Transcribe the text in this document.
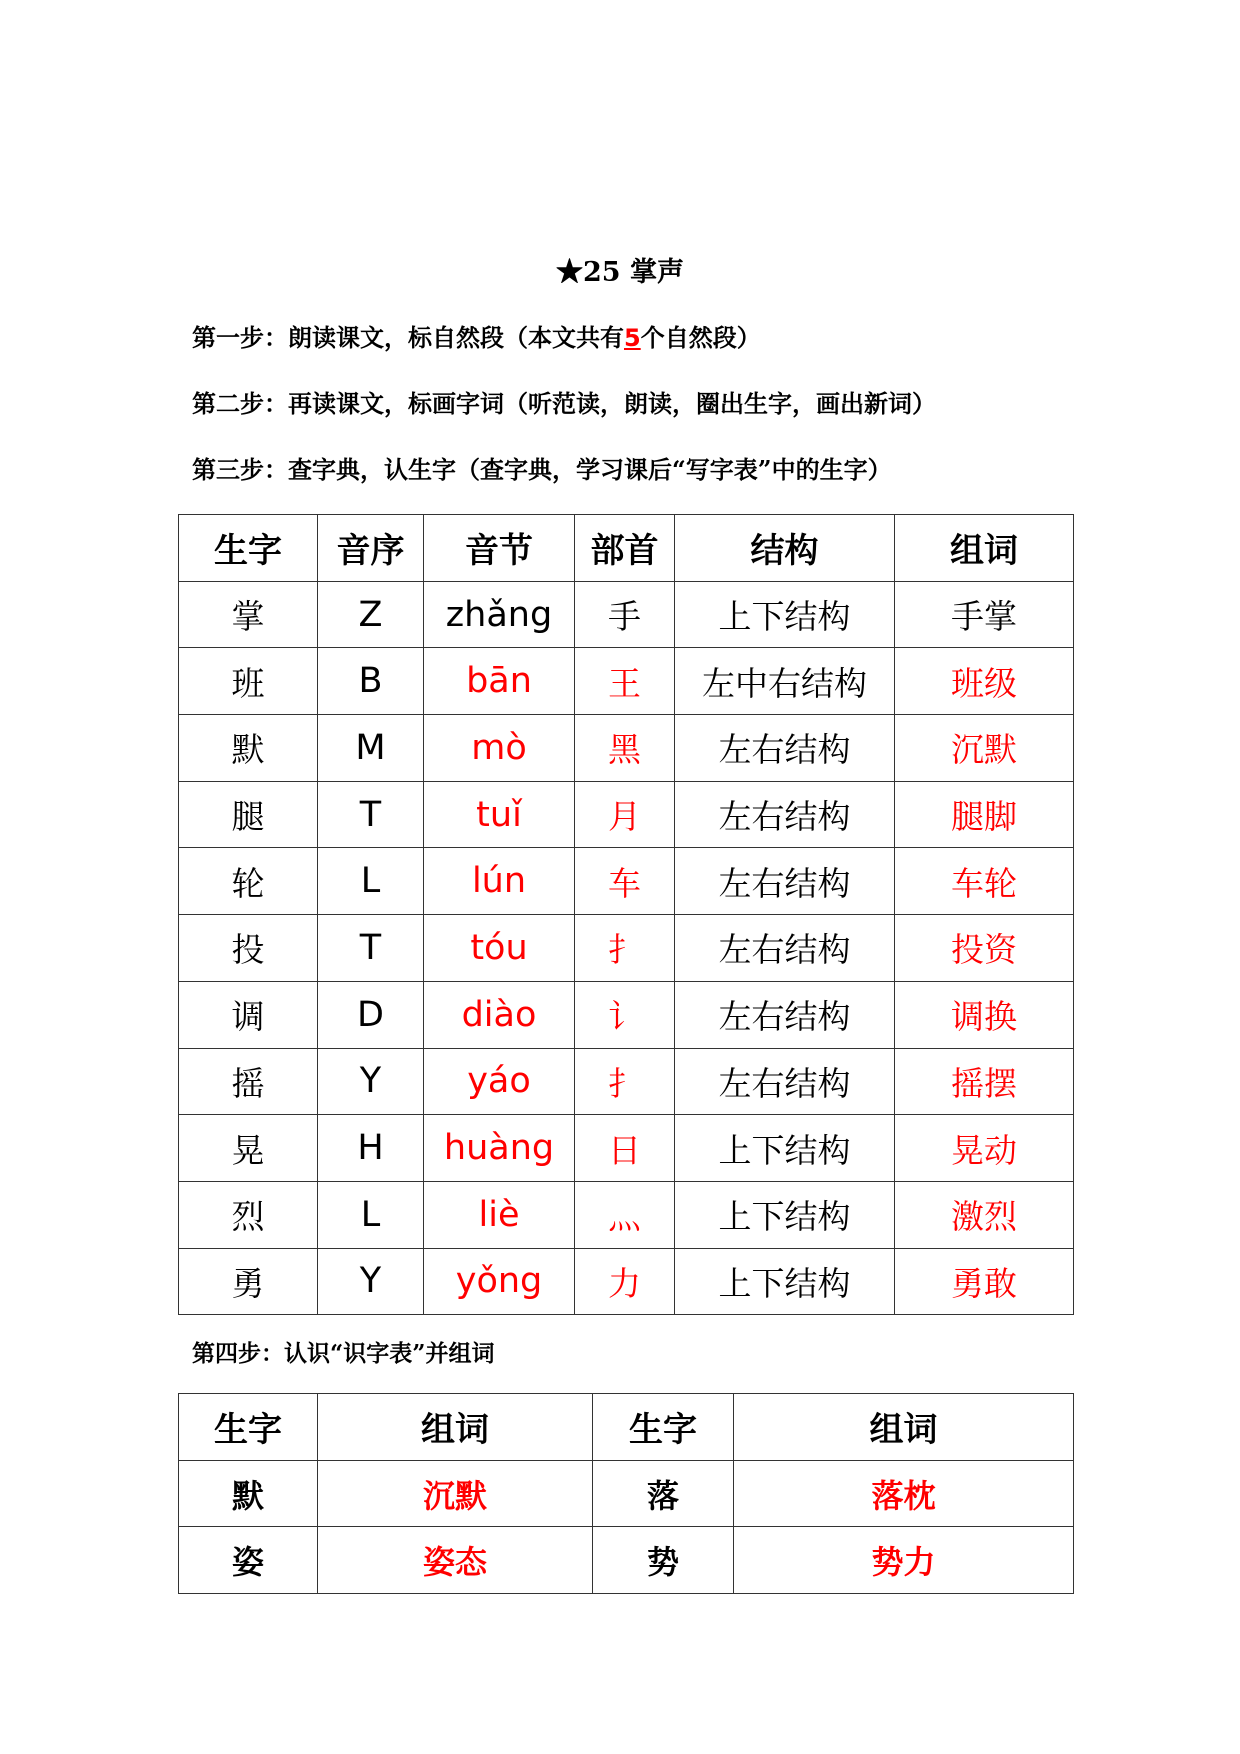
★25 掌声
第一步：朗读课文，标自然段（本文共有5个自然段）
第二步：再读课文，标画字词（听范读，朗读，圈出生字，画出新词）
第三步：查字典，认生字（查字典，学习课后“写字表”中的生字）
生字	音序	音节	部首	结构	组词
掌	Z	zhǎng	手	上下结构	手掌
班	B	bān	王	左中右结构	班级
默	M	mò	黑	左右结构	沉默
腿	T	tuǐ	月	左右结构	腿脚
轮	L	lún	车	左右结构	车轮
投	T	tóu	扌	左右结构	投资
调	D	diào	讠	左右结构	调换
摇	Y	yáo	扌	左右结构	摇摆
晃	H	huàng	日	上下结构	晃动
烈	L	liè	灬	上下结构	激烈
勇	Y	yǒng	力	上下结构	勇敢
第四步：认识“识字表”并组词
生字	组词	生字	组词
默	沉默	落	落枕
姿	姿态	势	势力
